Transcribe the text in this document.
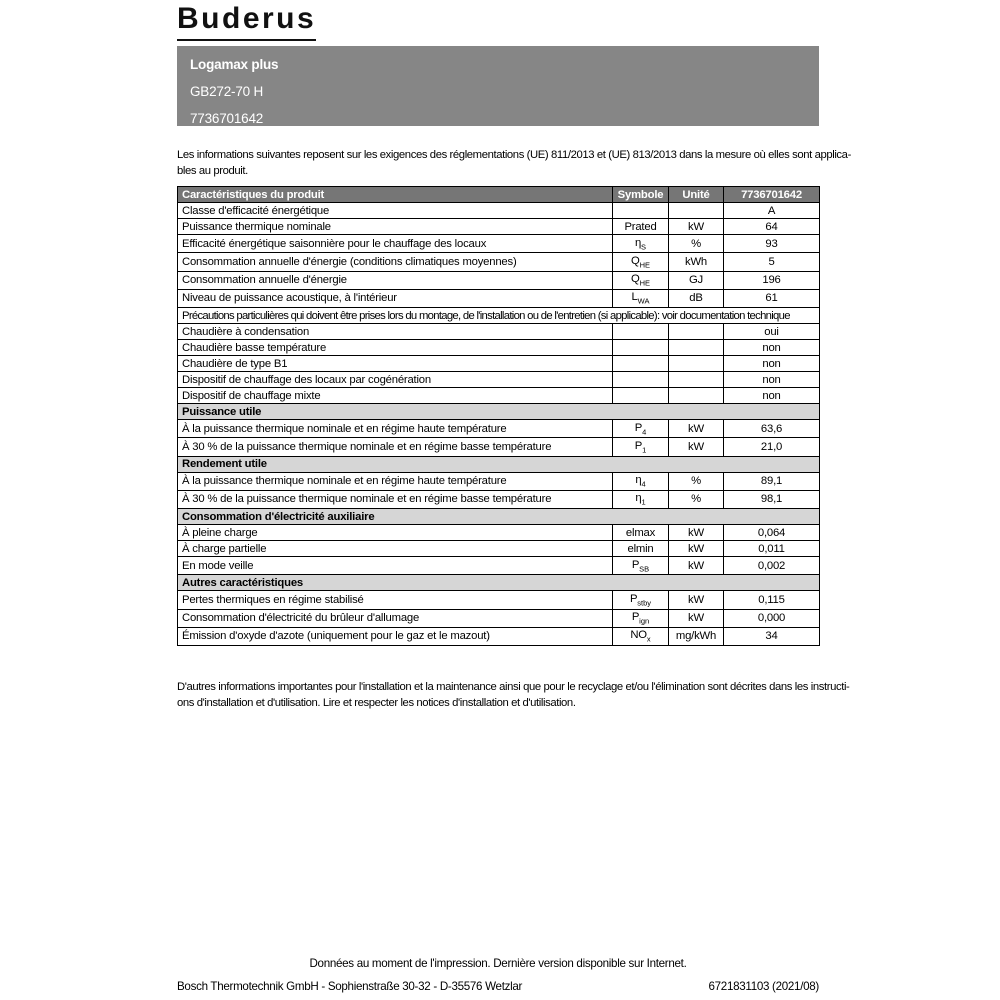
Buderus
Logamax plus
GB272-70 H
7736701642
Les informations suivantes reposent sur les exigences des réglementations (UE) 811/2013 et (UE) 813/2013 dans la mesure où elles sont applica-
bles au produit.
Caractéristiques du produit	Symbole	Unité	7736701642
Classe d'efficacité énergétique			A
Puissance thermique nominale	Prated	kW	64
Efficacité énergétique saisonnière pour le chauffage des locaux	$\eta_S$	%	93
Consommation annuelle d'énergie (conditions climatiques moyennes)	$Q_{HE}$	kWh	5
Consommation annuelle d'énergie	$Q_{HE}$	GJ	196
Niveau de puissance acoustique, à l'intérieur	$L_{WA}$	dB	61
Précautions particulières qui doivent être prises lors du montage, de l'installation ou de l'entretien (si applicable): voir documentation technique			
Chaudière à condensation			oui
Chaudière basse température			non
Chaudière de type B1			non
Dispositif de chauffage des locaux par cogénération			non
Dispositif de chauffage mixte			non
Puissance utile			
À la puissance thermique nominale et en régime haute température	$P_4$	kW	63,6
À 30 % de la puissance thermique nominale et en régime basse température	$P_1$	kW	21,0
Rendement utile			
À la puissance thermique nominale et en régime haute température	$\eta_4$	%	89,1
À 30 % de la puissance thermique nominale et en régime basse température	$\eta_1$	%	98,1
Consommation d'électricité auxiliaire			
À pleine charge	elmax	kW	0,064
À charge partielle	elmin	kW	0,011
En mode veille	$P_{SB}$	kW	0,002
Autres caractéristiques			
Pertes thermiques en régime stabilisé	$P_{stby}$	kW	0,115
Consommation d'électricité du brûleur d'allumage	$P_{ign}$	kW	0,000
Émission d'oxyde d'azote (uniquement pour le gaz et le mazout)	$NO_x$	mg/kWh	34
D'autres informations importantes pour l'installation et la maintenance ainsi que pour le recyclage et/ou l'élimination sont décrites dans les instructi-
ons d'installation et d'utilisation. Lire et respecter les notices d'installation et d'utilisation.
Données au moment de l'impression. Dernière version disponible sur Internet.
Bosch Thermotechnik GmbH - Sophienstraße 30-32 - D-35576 Wetzlar	6721831103 (2021/08)
